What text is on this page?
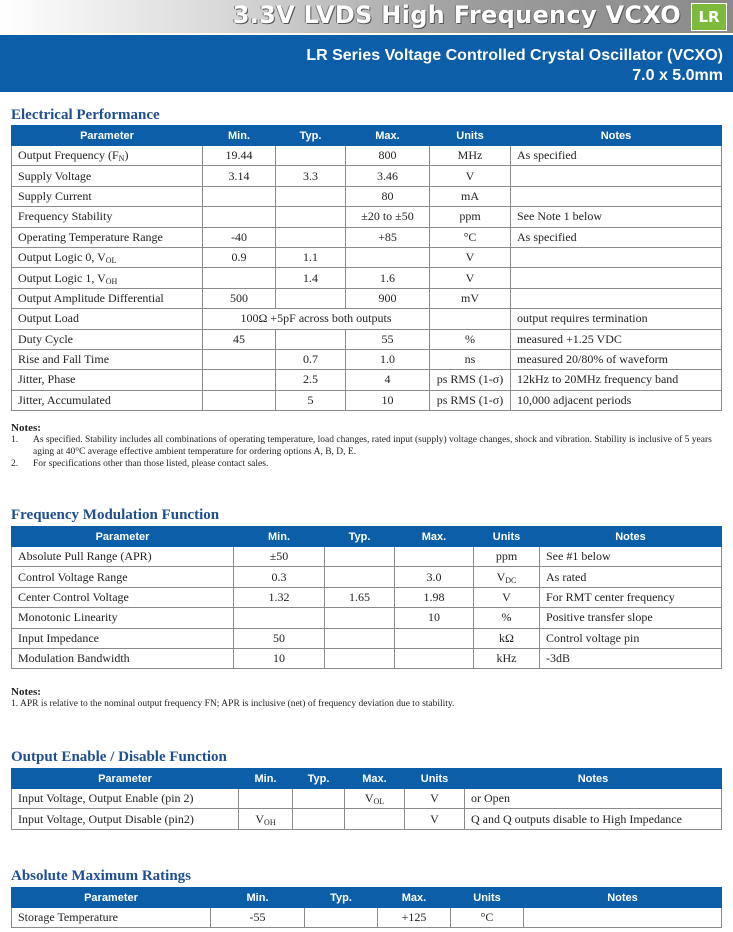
3.3V LVDS High Frequency VCXO	LR
LR Series Voltage Controlled Crystal Oscillator (VCXO)
7.0 x 5.0mm
Electrical Performance
Parameter	Min.	Typ.	Max.	Units	Notes
Output Frequency $(F_N)$	19.44		800	MHz	As specified
Supply Voltage	3.14	3.3	3.46	V	
Supply Current			80	mA	
Frequency Stability			±20 to ±50	ppm	See Note 1 below
Operating Temperature Range	-40		+85	°C	As specified
Output Logic 0, $V_{OL}$	0.9	1.1		V	
Output Logic 1, $V_{OH}$		1.4	1.6	V	
Output Amplitude Differential	500		900	mV	
Output Load	100Ω +5pF across both outputs				output requires termination
Duty Cycle	45		55	%	measured +1.25 VDC
Rise and Fall Time		0.7	1.0	ns	measured 20/80% of waveform
Jitter, Phase		2.5	4	ps RMS (1-σ)	12kHz to 20MHz frequency band
Jitter, Accumulated		5	10	ps RMS (1-σ)	10,000 adjacent periods
Notes:
1.	As specified. Stability includes all combinations of operating temperature, load changes, rated input (supply) voltage changes, shock and vibration. Stability is inclusive of 5 years aging at 40°C average effective ambient temperature for ordering options A, B, D, E.
2.	For specifications other than those listed, please contact sales.
Frequency Modulation Function
Parameter	Min.	Typ.	Max.	Units	Notes
Absolute Pull Range (APR)	±50			ppm	See #1 below
Control Voltage Range	0.3		3.0	$V_{DC}$	As rated
Center Control Voltage	1.32	1.65	1.98	V	For RMT center frequency
Monotonic Linearity			10	%	Positive transfer slope
Input Impedance	50			kΩ	Control voltage pin
Modulation Bandwidth	10			kHz	-3dB
Notes:
1. APR is relative to the nominal output frequency FN; APR is inclusive (net) of frequency deviation due to stability.
Output Enable / Disable Function
Parameter	Min.	Typ.	Max.	Units	Notes
Input Voltage, Output Enable (pin 2)			$V_{OL}$	V	or Open
Input Voltage, Output Disable (pin2)	$V_{OH}$			V	Q and Q outputs disable to High Impedance
Absolute Maximum Ratings
Parameter	Min.	Typ.	Max.	Units	Notes
Storage Temperature	-55		+125	°C	
